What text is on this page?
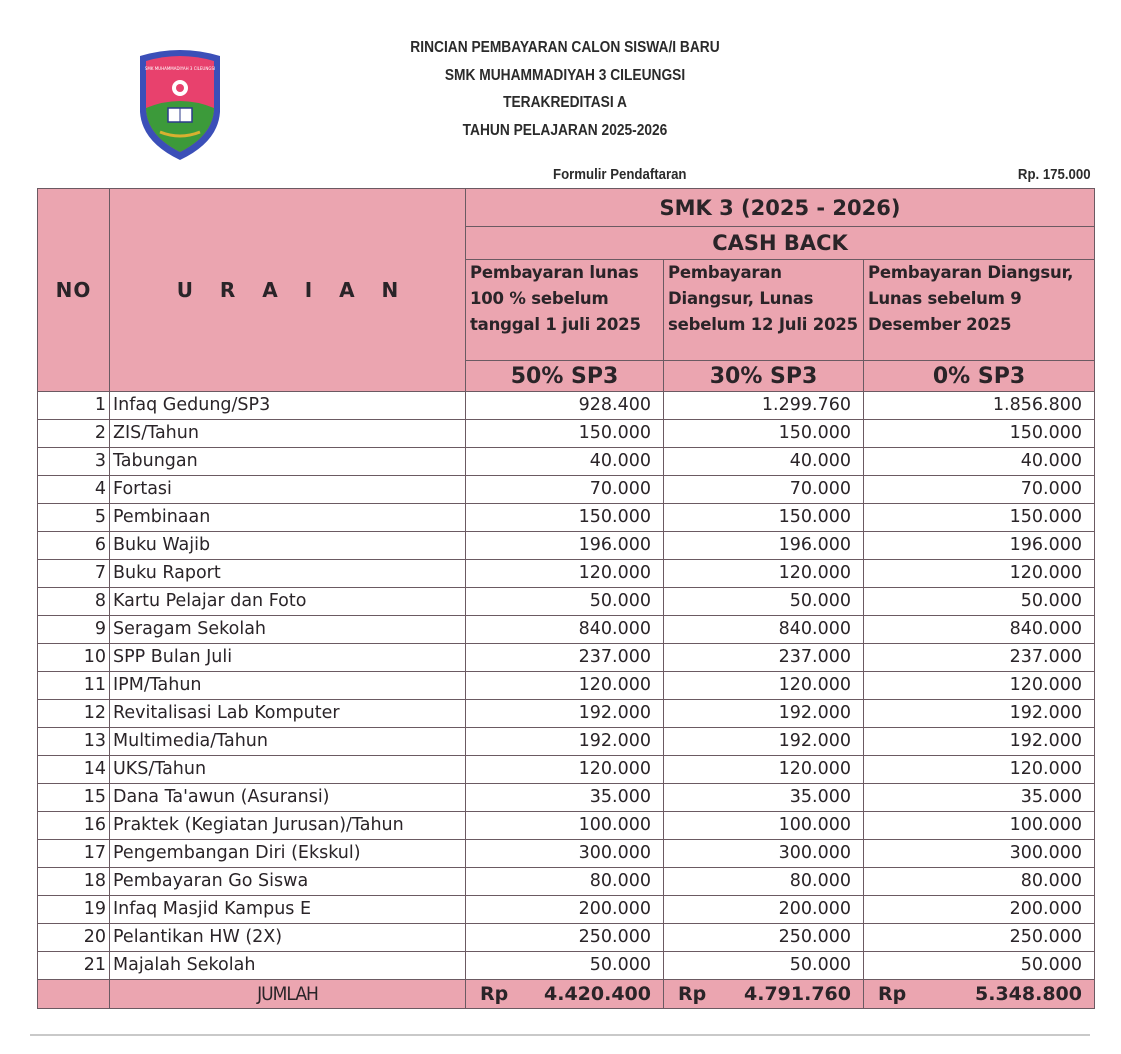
SMK MUHAMMADIYAH 3 CILEUNGSI
RINCIAN PEMBAYARAN CALON SISWA/I BARU
SMK MUHAMMADIYAH 3 CILEUNGSI
TERAKREDITASI A
TAHUN PELAJARAN 2025-2026
Formulir Pendaftaran	Rp. 175.000
NO	U R A I A N	SMK 3 (2025 - 2026)		
		CASH BACK		
		Pembayaran lunas 100 % sebelum tanggal 1 juli 2025	Pembayaran Diangsur, Lunas sebelum 12 Juli 2025	Pembayaran Diangsur, Lunas sebelum 9 Desember 2025
		50% SP3	30% SP3	0% SP3
1	Infaq Gedung/SP3	928.400	1.299.760	1.856.800
2	ZIS/Tahun	150.000	150.000	150.000
3	Tabungan	40.000	40.000	40.000
4	Fortasi	70.000	70.000	70.000
5	Pembinaan	150.000	150.000	150.000
6	Buku Wajib	196.000	196.000	196.000
7	Buku Raport	120.000	120.000	120.000
8	Kartu Pelajar dan Foto	50.000	50.000	50.000
9	Seragam Sekolah	840.000	840.000	840.000
10	SPP Bulan Juli	237.000	237.000	237.000
11	IPM/Tahun	120.000	120.000	120.000
12	Revitalisasi Lab Komputer	192.000	192.000	192.000
13	Multimedia/Tahun	192.000	192.000	192.000
14	UKS/Tahun	120.000	120.000	120.000
15	Dana Ta'awun (Asuransi)	35.000	35.000	35.000
16	Praktek (Kegiatan Jurusan)/Tahun	100.000	100.000	100.000
17	Pengembangan Diri (Ekskul)	300.000	300.000	300.000
18	Pembayaran Go Siswa	80.000	80.000	80.000
19	Infaq Masjid Kampus E	200.000	200.000	200.000
20	Pelantikan HW (2X)	250.000	250.000	250.000
21	Majalah Sekolah	50.000	50.000	50.000
	JUMLAH	Rp 4.420.400	Rp 4.791.760	Rp 5.348.800
